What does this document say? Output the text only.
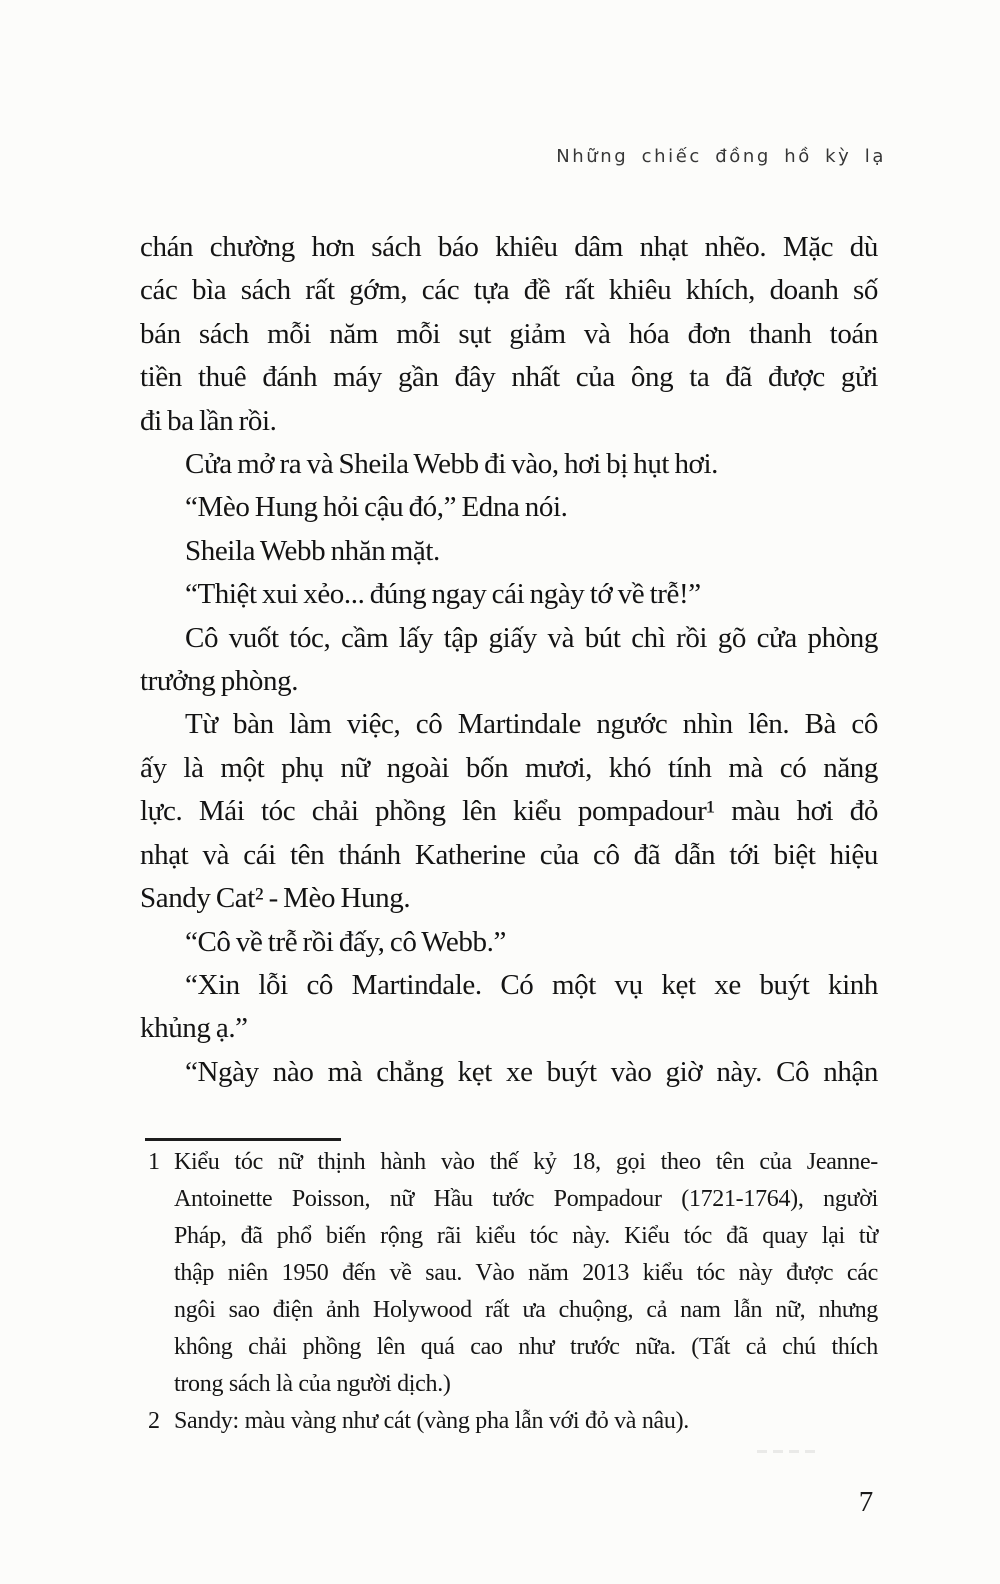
Những chiếc đồng hồ kỳ lạ
chán chường hơn sách báo khiêu dâm nhạt nhẽo. Mặc dù
các bìa sách rất gớm, các tựa đề rất khiêu khích, doanh số
bán sách mỗi năm mỗi sụt giảm và hóa đơn thanh toán
tiền thuê đánh máy gần đây nhất của ông ta đã được gửi
đi ba lần rồi.
Cửa mở ra và Sheila Webb đi vào, hơi bị hụt hơi.
“Mèo Hung hỏi cậu đó,” Edna nói.
Sheila Webb nhăn mặt.
“Thiệt xui xẻo... đúng ngay cái ngày tớ về trễ!”
Cô vuốt tóc, cầm lấy tập giấy và bút chì rồi gõ cửa phòng
trưởng phòng.
Từ bàn làm việc, cô Martindale ngước nhìn lên. Bà cô
ấy là một phụ nữ ngoài bốn mươi, khó tính mà có năng
lực. Mái tóc chải phồng lên kiểu pompadour¹ màu hơi đỏ
nhạt và cái tên thánh Katherine của cô đã dẫn tới biệt hiệu
Sandy Cat² - Mèo Hung.
“Cô về trễ rồi đấy, cô Webb.”
“Xin lỗi cô Martindale. Có một vụ kẹt xe buýt kinh
khủng ạ.”
“Ngày nào mà chẳng kẹt xe buýt vào giờ này. Cô nhận
1 Kiểu tóc nữ thịnh hành vào thế kỷ 18, gọi theo tên của Jeanne-
Antoinette Poisson, nữ Hầu tước Pompadour (1721-1764), người
Pháp, đã phổ biến rộng rãi kiểu tóc này. Kiểu tóc đã quay lại từ
thập niên 1950 đến về sau. Vào năm 2013 kiểu tóc này được các
ngôi sao điện ảnh Holywood rất ưa chuộng, cả nam lẫn nữ, nhưng
không chải phồng lên quá cao như trước nữa. (Tất cả chú thích
trong sách là của người dịch.)
2 Sandy: màu vàng như cát (vàng pha lẫn với đỏ và nâu).
7
